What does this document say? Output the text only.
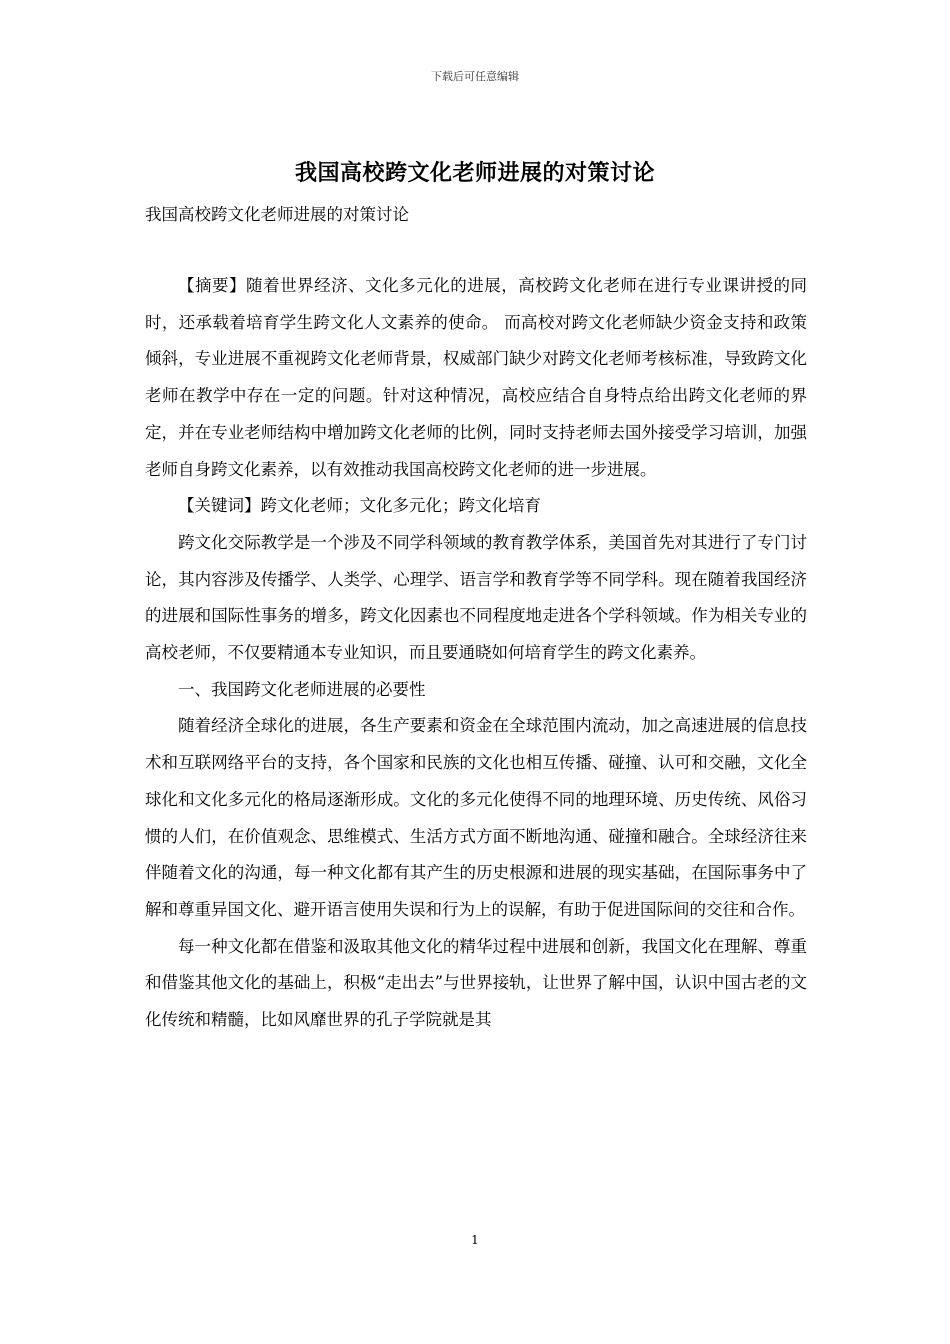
下载后可任意编辑
我国高校跨文化老师进展的对策讨论
我国高校跨文化老师进展的对策讨论

【摘要】随着世界经济、文化多元化的进展，高校跨文化老师在进行专业课讲授的同时，还承载着培育学生跨文化人文素养的使命。 而高校对跨文化老师缺少资金支持和政策倾斜，专业进展不重视跨文化老师背景，权威部门缺少对跨文化老师考核标准，导致跨文化老师在教学中存在一定的问题。针对这种情况，高校应结合自身特点给出跨文化老师的界定，并在专业老师结构中增加跨文化老师的比例，同时支持老师去国外接受学习培训，加强老师自身跨文化素养，以有效推动我国高校跨文化老师的进一步进展。

【关键词】跨文化老师；文化多元化；跨文化培育

跨文化交际教学是一个涉及不同学科领域的教育教学体系，美国首先对其进行了专门讨论，其内容涉及传播学、人类学、心理学、语言学和教育学等不同学科。现在随着我国经济的进展和国际性事务的增多，跨文化因素也不同程度地走进各个学科领域。作为相关专业的高校老师，不仅要精通本专业知识，而且要通晓如何培育学生的跨文化素养。

一、我国跨文化老师进展的必要性

随着经济全球化的进展，各生产要素和资金在全球范围内流动，加之高速进展的信息技术和互联网络平台的支持，各个国家和民族的文化也相互传播、碰撞、认可和交融，文化全球化和文化多元化的格局逐渐形成。文化的多元化使得不同的地理环境、历史传统、风俗习惯的人们，在价值观念、思维模式、生活方式方面不断地沟通、碰撞和融合。全球经济往来伴随着文化的沟通，每一种文化都有其产生的历史根源和进展的现实基础，在国际事务中了解和尊重异国文化、避开语言使用失误和行为上的误解，有助于促进国际间的交往和合作。

每一种文化都在借鉴和汲取其他文化的精华过程中进展和创新，我国文化在理解、尊重和借鉴其他文化的基础上，积极“走出去”与世界接轨，让世界了解中国，认识中国古老的文化传统和精髓，比如风靡世界的孔子学院就是其

1
